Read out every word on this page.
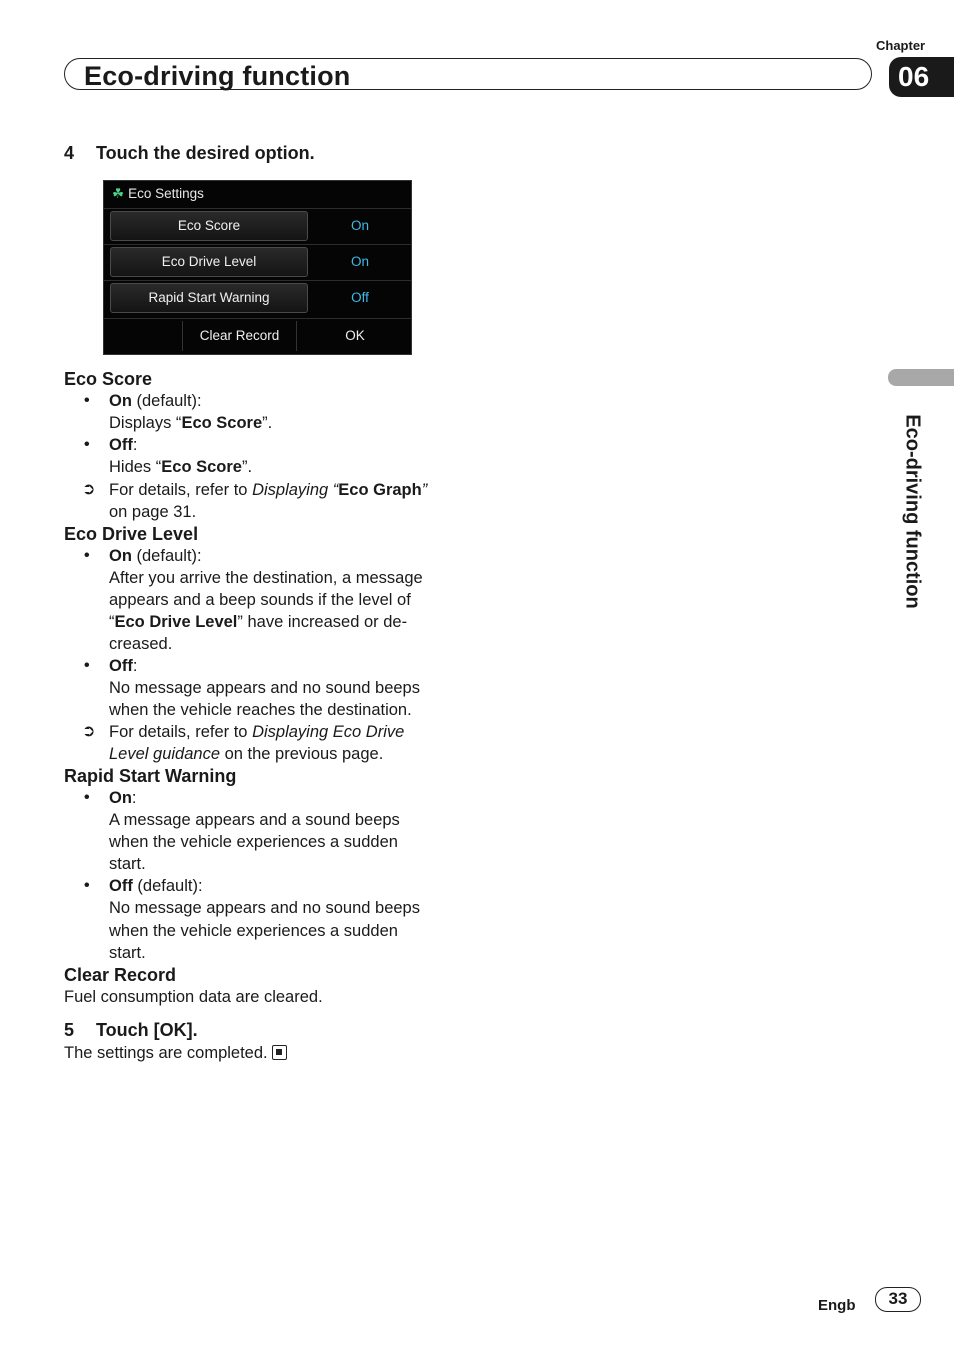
Chapter
Eco-driving function	06
Eco-driving function
4 Touch the desired option.
☘ Eco Settings
Eco Score	On
Eco Drive Level	On
Rapid Start Warning	Off
Clear Record	OK
Eco Score
• On (default):
Displays “Eco Score”.
• Off:
Hides “Eco Score”.
➲ For details, refer to Displaying “Eco Graph”
on page 31.
Eco Drive Level
• On (default):
After you arrive the destination, a message
appears and a beep sounds if the level of
“Eco Drive Level” have increased or de-
creased.
• Off:
No message appears and no sound beeps
when the vehicle reaches the destination.
➲ For details, refer to Displaying Eco Drive
Level guidance on the previous page.
Rapid Start Warning
• On:
A message appears and a sound beeps
when the vehicle experiences a sudden
start.
• Off (default):
No message appears and no sound beeps
when the vehicle experiences a sudden
start.
Clear Record
Fuel consumption data are cleared.
5 Touch [OK].
The settings are completed.
Engb	33
